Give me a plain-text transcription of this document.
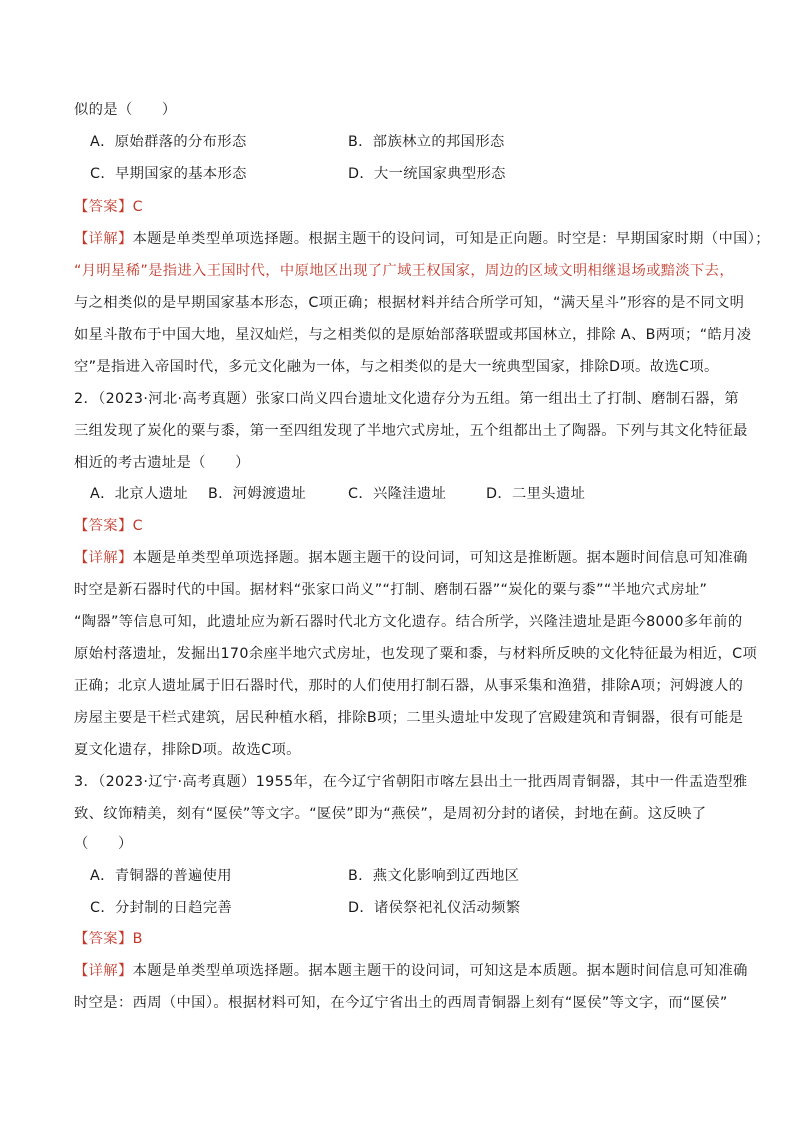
似的是（　　）
A．原始群落的分布形态	B．部族林立的邦国形态
C．早期国家的基本形态	D．大一统国家典型形态
【答案】C
【详解】本题是单类型单项选择题。根据主题干的设问词，可知是正向题。时空是：早期国家时期（中国）；
“月明星稀”是指进入王国时代，中原地区出现了广域王权国家，周边的区域文明相继退场或黯淡下去，
与之相类似的是早期国家基本形态，C项正确；根据材料并结合所学可知，“满天星斗”形容的是不同文明
如星斗散布于中国大地，星汉灿烂，与之相类似的是原始部落联盟或邦国林立，排除 A、B两项；“皓月凌
空”是指进入帝国时代，多元文化融为一体，与之相类似的是大一统典型国家，排除D项。故选C项。
2．（2023·河北·高考真题）张家口尚义四台遗址文化遗存分为五组。第一组出土了打制、磨制石器，第
三组发现了炭化的粟与黍，第一至四组发现了半地穴式房址，五个组都出土了陶器。下列与其文化特征最
相近的考古遗址是（　　）
A．北京人遗址 B．河姆渡遗址	C．兴隆洼遗址	D．二里头遗址
【答案】C
【详解】本题是单类型单项选择题。据本题主题干的设问词，可知这是推断题。据本题时间信息可知准确
时空是新石器时代的中国。据材料“张家口尚义”“打制、磨制石器”“炭化的粟与黍”“半地穴式房址”
“陶器”等信息可知，此遗址应为新石器时代北方文化遗存。结合所学，兴隆洼遗址是距今8000多年前的
原始村落遗址，发掘出170余座半地穴式房址，也发现了粟和黍，与材料所反映的文化特征最为相近，C项
正确；北京人遗址属于旧石器时代，那时的人们使用打制石器，从事采集和渔猎，排除A项；河姆渡人的
房屋主要是干栏式建筑，居民种植水稻，排除B项；二里头遗址中发现了宫殿建筑和青铜器，很有可能是
夏文化遗存，排除D项。故选C项。
3．（2023·辽宁·高考真题）1955年，在今辽宁省朝阳市喀左县出土一批西周青铜器，其中一件盂造型雅
致、纹饰精美，刻有“匽侯”等文字。“匽侯”即为“燕侯”，是周初分封的诸侯，封地在蓟。这反映了
（　　）
A．青铜器的普遍使用	B．燕文化影响到辽西地区
C．分封制的日趋完善	D．诸侯祭祀礼仪活动频繁
【答案】B
【详解】本题是单类型单项选择题。据本题主题干的设问词，可知这是本质题。据本题时间信息可知准确
时空是：西周（中国）。根据材料可知，在今辽宁省出土的西周青铜器上刻有“匽侯”等文字，而“匽侯”
